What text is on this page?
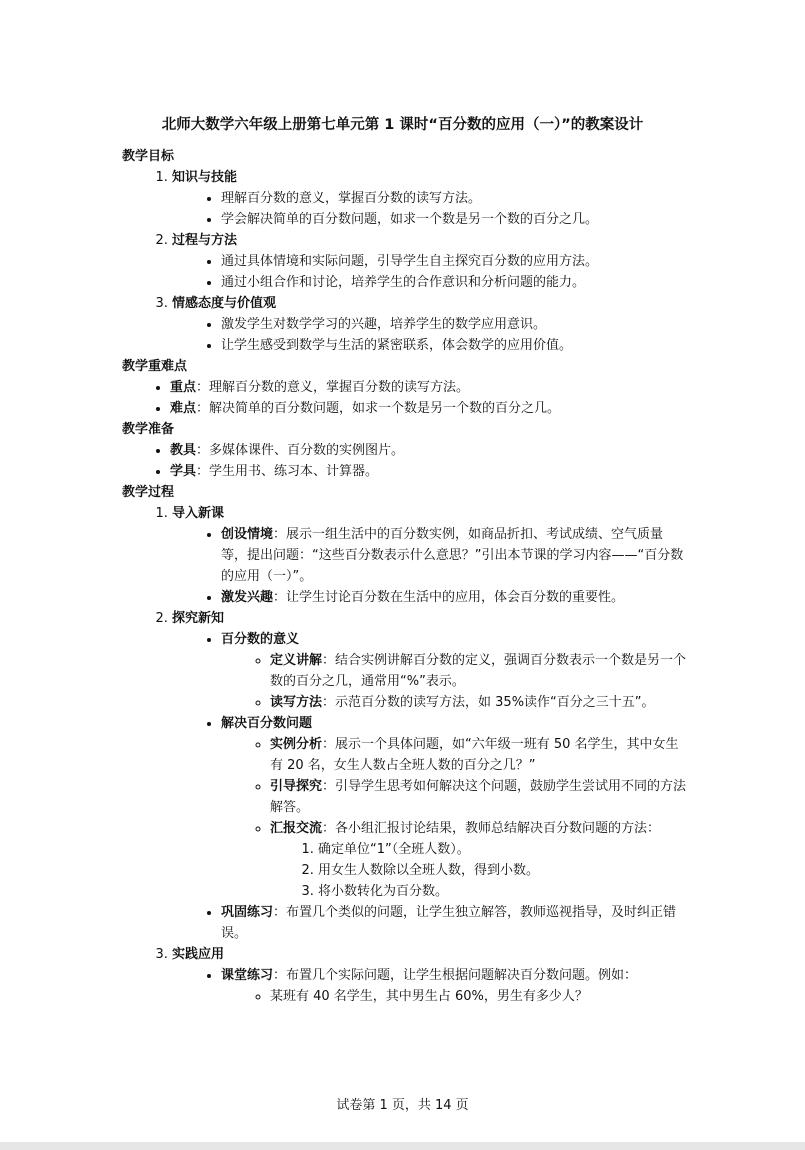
北师大数学六年级上册第七单元第 1 课时“百分数的应用（一）”的教案设计

教学目标

1. 知识与技能
• 理解百分数的意义，掌握百分数的读写方法。
• 学会解决简单的百分数问题，如求一个数是另一个数的百分之几。
2. 过程与方法
• 通过具体情境和实际问题，引导学生自主探究百分数的应用方法。
• 通过小组合作和讨论，培养学生的合作意识和分析问题的能力。
3. 情感态度与价值观
• 激发学生对数学学习的兴趣，培养学生的数学应用意识。
• 让学生感受到数学与生活的紧密联系，体会数学的应用价值。

教学重难点

• 重点：理解百分数的意义，掌握百分数的读写方法。
• 难点：解决简单的百分数问题，如求一个数是另一个数的百分之几。

教学准备

• 教具：多媒体课件、百分数的实例图片。
• 学具：学生用书、练习本、计算器。

教学过程

1. 导入新课
• 创设情境：展示一组生活中的百分数实例，如商品折扣、考试成绩、空气质量等，提出问题：“这些百分数表示什么意思？”引出本节课的学习内容——“百分数的应用（一）”。
• 激发兴趣：让学生讨论百分数在生活中的应用，体会百分数的重要性。
2. 探究新知
• 百分数的意义
◦ 定义讲解：结合实例讲解百分数的定义，强调百分数表示一个数是另一个数的百分之几，通常用“%”表示。
◦ 读写方法：示范百分数的读写方法，如 35%读作“百分之三十五”。
• 解决百分数问题
◦ 实例分析：展示一个具体问题，如“六年级一班有 50 名学生，其中女生有 20 名，女生人数占全班人数的百分之几？”
◦ 引导探究：引导学生思考如何解决这个问题，鼓励学生尝试用不同的方法解答。
◦ 汇报交流：各小组汇报讨论结果，教师总结解决百分数问题的方法：
1. 确定单位“1”（全班人数）。
2. 用女生人数除以全班人数，得到小数。
3. 将小数转化为百分数。
• 巩固练习：布置几个类似的问题，让学生独立解答，教师巡视指导，及时纠正错误。
3. 实践应用
• 课堂练习：布置几个实际问题，让学生根据问题解决百分数问题。例如：
◦ 某班有 40 名学生，其中男生占 60%，男生有多少人？
试卷第 1 页，共 14 页
